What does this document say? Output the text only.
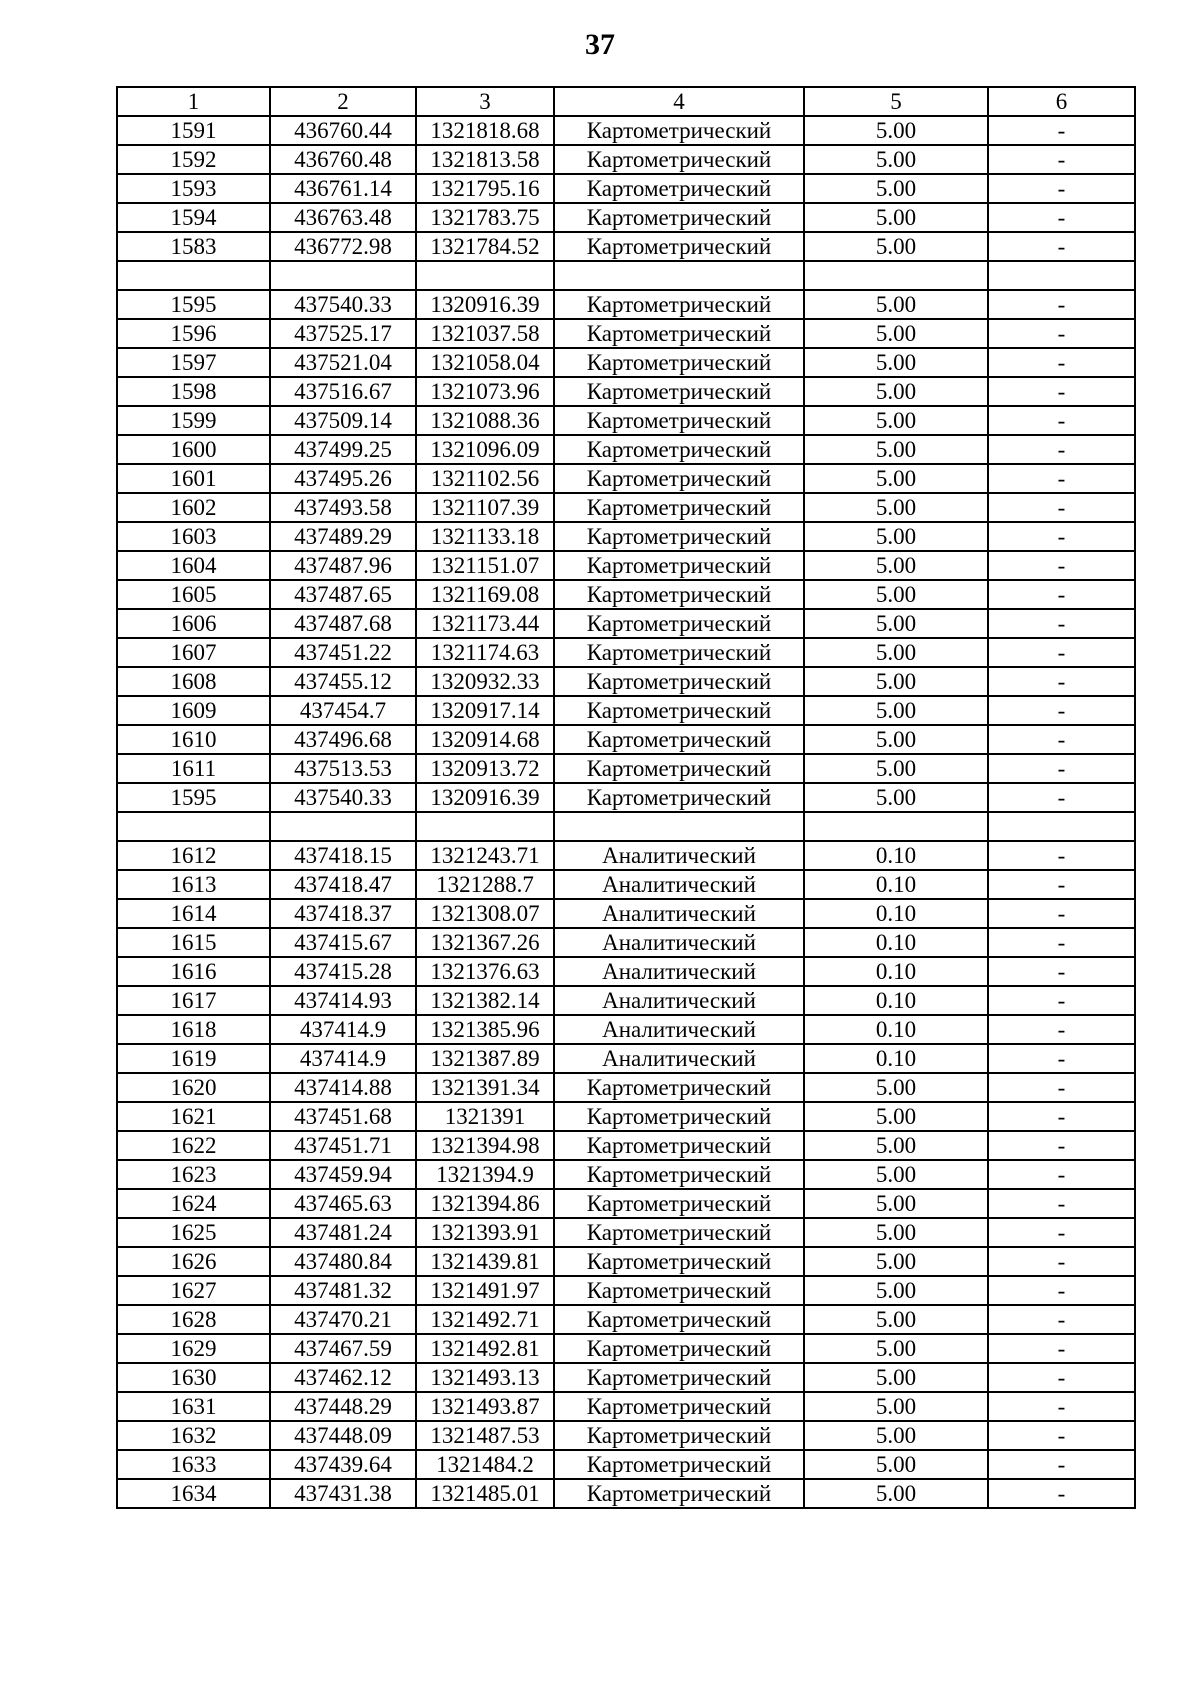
37
1	2	3	4	5	6
1591	436760.44	1321818.68	Картометрический	5.00	-
1592	436760.48	1321813.58	Картометрический	5.00	-
1593	436761.14	1321795.16	Картометрический	5.00	-
1594	436763.48	1321783.75	Картометрический	5.00	-
1583	436772.98	1321784.52	Картометрический	5.00	-

1595	437540.33	1320916.39	Картометрический	5.00	-
1596	437525.17	1321037.58	Картометрический	5.00	-
1597	437521.04	1321058.04	Картометрический	5.00	-
1598	437516.67	1321073.96	Картометрический	5.00	-
1599	437509.14	1321088.36	Картометрический	5.00	-
1600	437499.25	1321096.09	Картометрический	5.00	-
1601	437495.26	1321102.56	Картометрический	5.00	-
1602	437493.58	1321107.39	Картометрический	5.00	-
1603	437489.29	1321133.18	Картометрический	5.00	-
1604	437487.96	1321151.07	Картометрический	5.00	-
1605	437487.65	1321169.08	Картометрический	5.00	-
1606	437487.68	1321173.44	Картометрический	5.00	-
1607	437451.22	1321174.63	Картометрический	5.00	-
1608	437455.12	1320932.33	Картометрический	5.00	-
1609	437454.7	1320917.14	Картометрический	5.00	-
1610	437496.68	1320914.68	Картометрический	5.00	-
1611	437513.53	1320913.72	Картометрический	5.00	-
1595	437540.33	1320916.39	Картометрический	5.00	-

1612	437418.15	1321243.71	Аналитический	0.10	-
1613	437418.47	1321288.7	Аналитический	0.10	-
1614	437418.37	1321308.07	Аналитический	0.10	-
1615	437415.67	1321367.26	Аналитический	0.10	-
1616	437415.28	1321376.63	Аналитический	0.10	-
1617	437414.93	1321382.14	Аналитический	0.10	-
1618	437414.9	1321385.96	Аналитический	0.10	-
1619	437414.9	1321387.89	Аналитический	0.10	-
1620	437414.88	1321391.34	Картометрический	5.00	-
1621	437451.68	1321391	Картометрический	5.00	-
1622	437451.71	1321394.98	Картометрический	5.00	-
1623	437459.94	1321394.9	Картометрический	5.00	-
1624	437465.63	1321394.86	Картометрический	5.00	-
1625	437481.24	1321393.91	Картометрический	5.00	-
1626	437480.84	1321439.81	Картометрический	5.00	-
1627	437481.32	1321491.97	Картометрический	5.00	-
1628	437470.21	1321492.71	Картометрический	5.00	-
1629	437467.59	1321492.81	Картометрический	5.00	-
1630	437462.12	1321493.13	Картометрический	5.00	-
1631	437448.29	1321493.87	Картометрический	5.00	-
1632	437448.09	1321487.53	Картометрический	5.00	-
1633	437439.64	1321484.2	Картометрический	5.00	-
1634	437431.38	1321485.01	Картометрический	5.00	-
